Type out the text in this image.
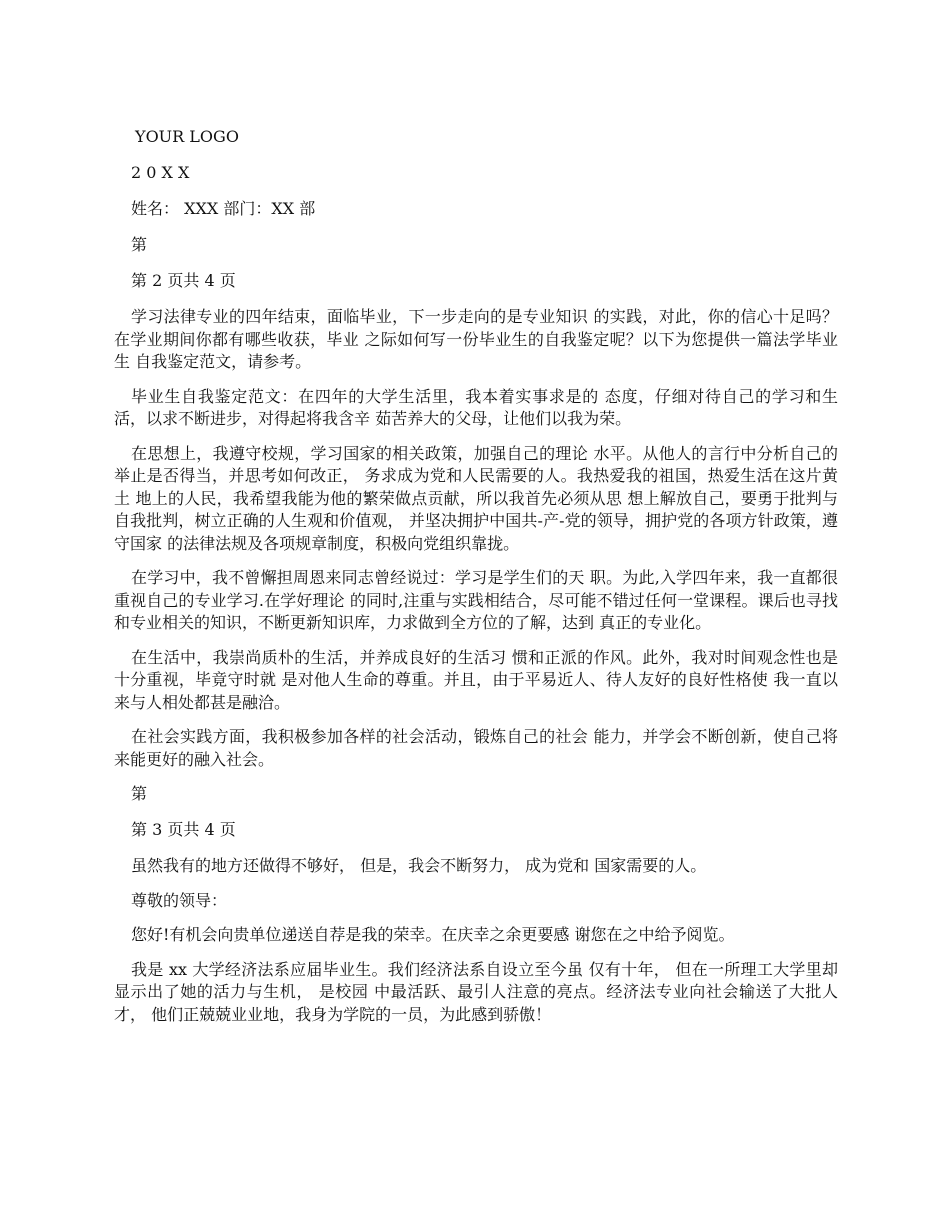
YOUR LOGO
2 0 X X
姓名： XXX 部门：XX 部
第
第 2 页共 4 页

学习法律专业的四年结束，面临毕业，下一步走向的是专业知识 的实践，对此，你的信心十足吗？在学业期间你都有哪些收获，毕业 之际如何写一份毕业生的自我鉴定呢？以下为您提供一篇法学毕业生 自我鉴定范文，请参考。

毕业生自我鉴定范文：在四年的大学生活里，我本着实事求是的 态度，仔细对待自己的学习和生活，以求不断进步，对得起将我含辛 茹苦养大的父母，让他们以我为荣。

在思想上，我遵守校规，学习国家的相关政策，加强自己的理论 水平。从他人的言行中分析自己的举止是否得当，并思考如何改正， 务求成为党和人民需要的人。我热爱我的祖国，热爱生活在这片黄土 地上的人民，我希望我能为他的繁荣做点贡献，所以我首先必须从思 想上解放自己，要勇于批判与自我批判，树立正确的人生观和价值观， 并坚决拥护中国共-产-党的领导，拥护党的各项方针政策，遵守国家 的法律法规及各项规章制度，积极向党组织靠拢。

在学习中，我不曾懈担周恩来同志曾经说过：学习是学生们的天 职。为此,入学四年来，我一直都很重视自己的专业学习.在学好理论 的同时,注重与实践相结合，尽可能不错过任何一堂课程。课后也寻找 和专业相关的知识，不断更新知识库，力求做到全方位的了解，达到 真正的专业化。

在生活中，我崇尚质朴的生活，并养成良好的生活习 惯和正派的作风。此外，我对时间观念性也是十分重视，毕竟守时就 是对他人生命的尊重。并且，由于平易近人、待人友好的良好性格使 我一直以来与人相处都甚是融洽。

在社会实践方面，我积极参加各样的社会活动，锻炼自己的社会 能力，并学会不断创新，使自己将来能更好的融入社会。

第
第 3 页共 4 页

虽然我有的地方还做得不够好， 但是，我会不断努力， 成为党和 国家需要的人。

尊敬的领导：

您好!有机会向贵单位递送自荐是我的荣幸。在庆幸之余更要感 谢您在之中给予阅览。

我是 xx 大学经济法系应届毕业生。我们经济法系自设立至今虽 仅有十年， 但在一所理工大学里却显示出了她的活力与生机， 是校园 中最活跃、最引人注意的亮点。经济法专业向社会输送了大批人才， 他们正兢兢业业地，我身为学院的一员，为此感到骄傲！
